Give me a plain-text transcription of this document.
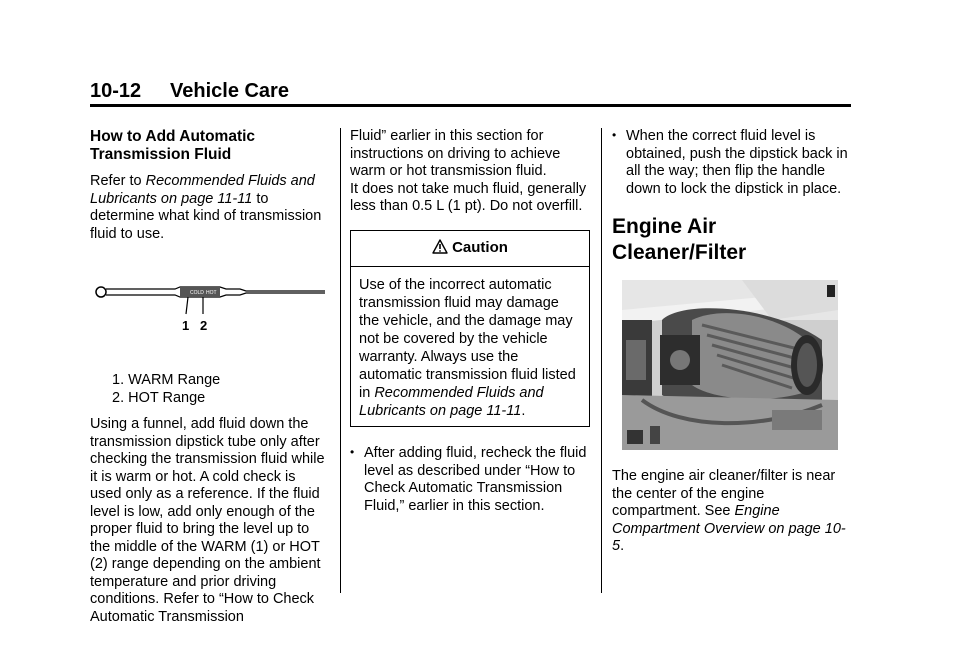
10-12 Vehicle Care
How to Add Automatic Transmission Fluid

Refer to Recommended Fluids and Lubricants on page 11-11 to determine what kind of transmission fluid to use.

COLD HOT
1 2
1. WARM Range
2. HOT Range

Using a funnel, add fluid down the transmission dipstick tube only after checking the transmission fluid while it is warm or hot. A cold check is used only as a reference. If the fluid level is low, add only enough of the proper fluid to bring the level up to the middle of the WARM (1) or HOT (2) range depending on the ambient temperature and prior driving conditions. Refer to “How to Check Automatic Transmission

Fluid” earlier in this section for instructions on driving to achieve warm or hot transmission fluid.

It does not take much fluid, generally less than 0.5 L (1 pt). Do not overfill.

Caution
Use of the incorrect automatic transmission fluid may damage the vehicle, and the damage may not be covered by the vehicle warranty. Always use the automatic transmission fluid listed in Recommended Fluids and Lubricants on page 11-11.
• After adding fluid, recheck the fluid level as described under “How to Check Automatic Transmission Fluid,” earlier in this section.
• When the correct fluid level is obtained, push the dipstick back in all the way; then flip the handle down to lock the dipstick in place.
Engine Air Cleaner/Filter

The engine air cleaner/filter is near the center of the engine compartment. See Engine Compartment Overview on page 10-5.
